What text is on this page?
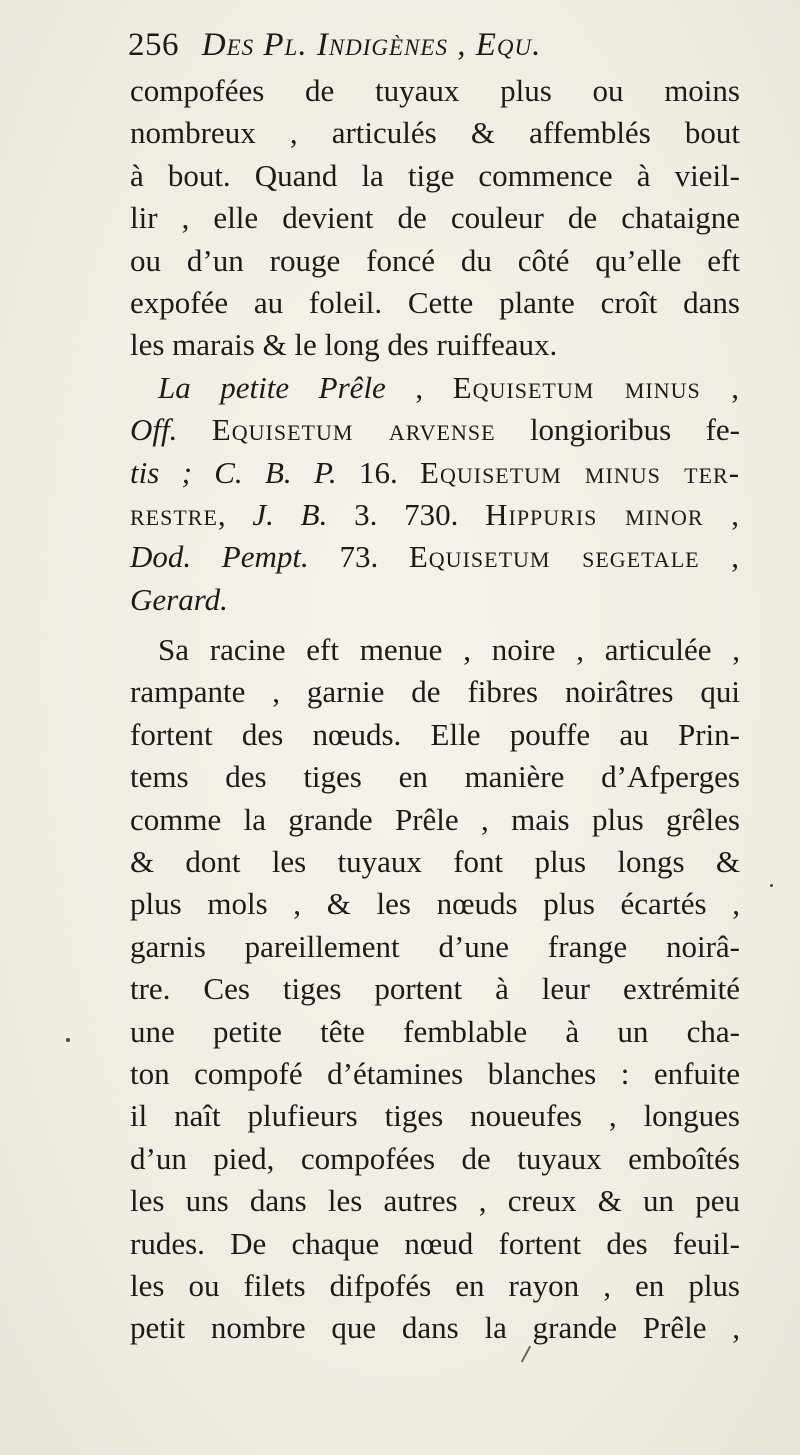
256 Des Pl. Indigènes , Equ.
compofées de tuyaux plus ou moins
nombreux , articulés & affemblés bout
à bout. Quand la tige commence à vieil-
lir , elle devient de couleur de chataigne
ou d’un rouge foncé du côté qu’elle eft
expofée au foleil. Cette plante croît dans
les marais & le long des ruiffeaux.
La petite Prêle , Equisetum minus ,
Off. Equisetum arvense longioribus fe-
tis ; C. B. P. 16. Equisetum minus ter-
restre, J. B. 3. 730. Hippuris minor ,
Dod. Pempt. 73. Equisetum segetale ,
Gerard.
Sa racine eft menue , noire , articulée ,
rampante , garnie de fibres noirâtres qui
fortent des nœuds. Elle pouffe au Prin-
tems des tiges en manière d’Afperges
comme la grande Prêle , mais plus grêles
& dont les tuyaux font plus longs &
plus mols , & les nœuds plus écartés ,
garnis pareillement d’une frange noirâ-
tre. Ces tiges portent à leur extrémité
une petite tête femblable à un cha-
ton compofé d’étamines blanches : enfuite
il naît plufieurs tiges noueufes , longues
d’un pied, compofées de tuyaux emboîtés
les uns dans les autres , creux & un peu
rudes. De chaque nœud fortent des feuil-
les ou filets difpofés en rayon , en plus
petit nombre que dans la grande Prêle ,
